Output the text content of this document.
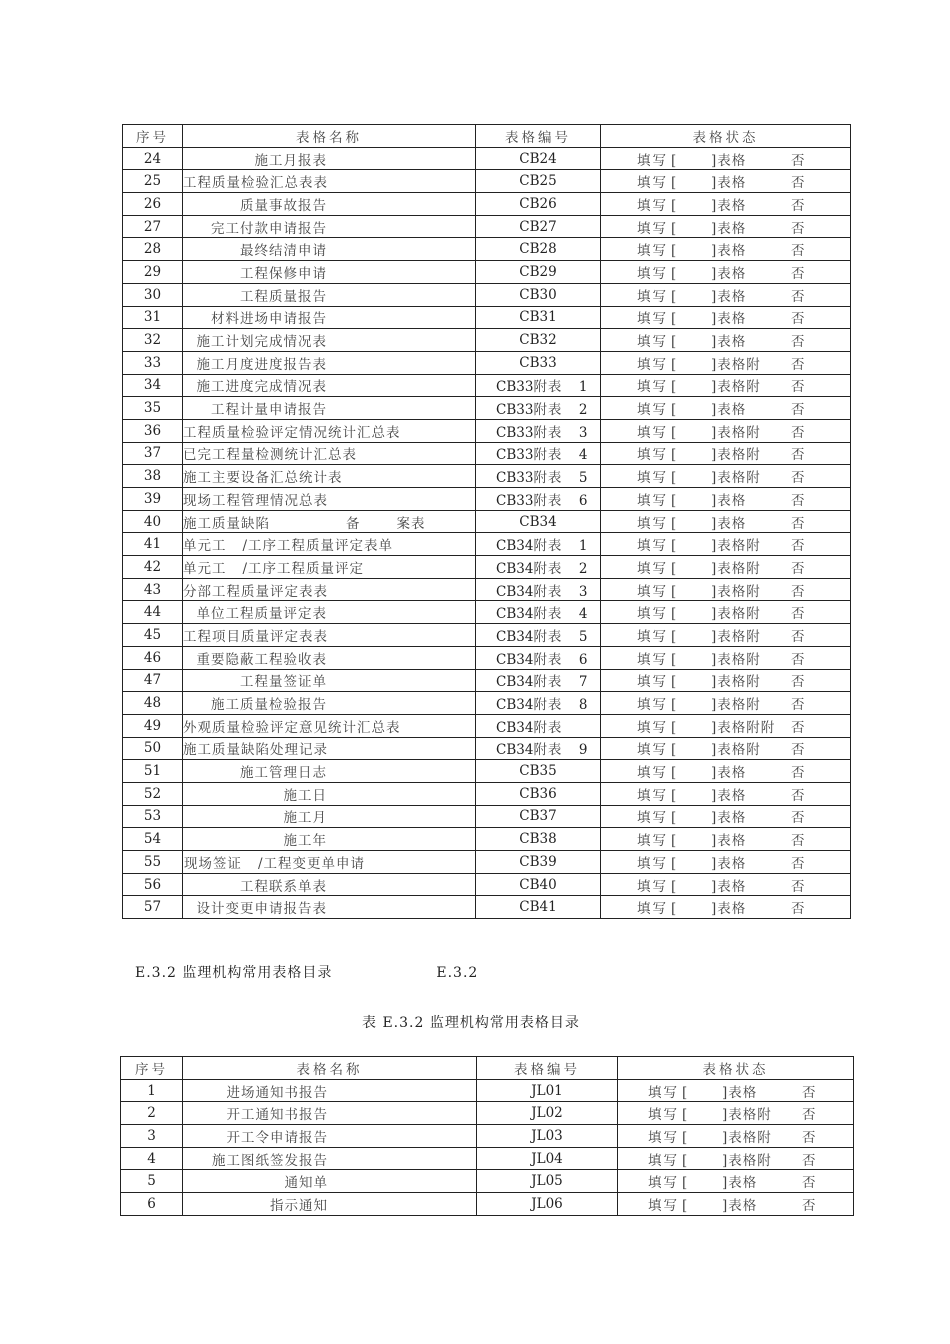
序号	表格名称	表格编号	表格状态
24	施工月报表	CB24	填写 [ ]表格 否
25	工程质量检验汇总表表	CB25	填写 [ ]表格 否
26	质量事故报告	CB26	填写 [ ]表格 否
27	完工付款申请报告	CB27	填写 [ ]表格 否
28	最终结清申请	CB28	填写 [ ]表格 否
29	工程保修申请	CB29	填写 [ ]表格 否
30	工程质量报告	CB30	填写 [ ]表格 否
31	材料进场申请报告	CB31	填写 [ ]表格 否
32	施工计划完成情况表	CB32	填写 [ ]表格 否
33	施工月度进度报告表	CB33	填写 [ ]表格附 否
34	施工进度完成情况表	CB33附表 1	填写 [ ]表格附 否
35	工程计量申请报告	CB33附表 2	填写 [ ]表格 否
36	工程质量检验评定情况统计汇总表	CB33附表 3	填写 [ ]表格附 否
37	已完工程量检测统计汇总表	CB33附表 4	填写 [ ]表格附 否
38	施工主要设备汇总统计表	CB33附表 5	填写 [ ]表格附 否
39	现场工程管理情况总表	CB33附表 6	填写 [ ]表格 否
40	施工质量缺陷 备 案表	CB34	填写 [ ]表格 否
41	单元工 /工序工程质量评定表单	CB34附表 1	填写 [ ]表格附 否
42	单元工 /工序工程质量评定	CB34附表 2	填写 [ ]表格附 否
43	分部工程质量评定表表	CB34附表 3	填写 [ ]表格附 否
44	单位工程质量评定表	CB34附表 4	填写 [ ]表格附 否
45	工程项目质量评定表表	CB34附表 5	填写 [ ]表格附 否
46	重要隐蔽工程验收表	CB34附表 6	填写 [ ]表格附 否
47	工程量签证单	CB34附表 7	填写 [ ]表格附 否
48	施工质量检验报告	CB34附表 8	填写 [ ]表格附 否
49	外观质量检验评定意见统计汇总表	CB34附表	填写 [ ]表格附附 否
50	施工质量缺陷处理记录	CB34附表 9	填写 [ ]表格附 否
51	施工管理日志	CB35	填写 [ ]表格 否
52	施工日	CB36	填写 [ ]表格 否
53	施工月	CB37	填写 [ ]表格 否
54	施工年	CB38	填写 [ ]表格 否
55	现场签证 /工程变更单申请	CB39	填写 [ ]表格 否
56	工程联系单表	CB40	填写 [ ]表格 否
57	设计变更申请报告表	CB41	填写 [ ]表格 否
E.3.2 监理机构常用表格目录	E.3.2
表 E.3.2 监理机构常用表格目录
序号	表格名称	表格编号	表格状态
1	进场通知书报告	JL01	填写 [ ]表格 否
2	开工通知书报告	JL02	填写 [ ]表格附 否
3	开工令申请报告	JL03	填写 [ ]表格附 否
4	施工图纸签发报告	JL04	填写 [ ]表格附 否
5	通知单	JL05	填写 [ ]表格 否
6	指示通知	JL06	填写 [ ]表格 否
